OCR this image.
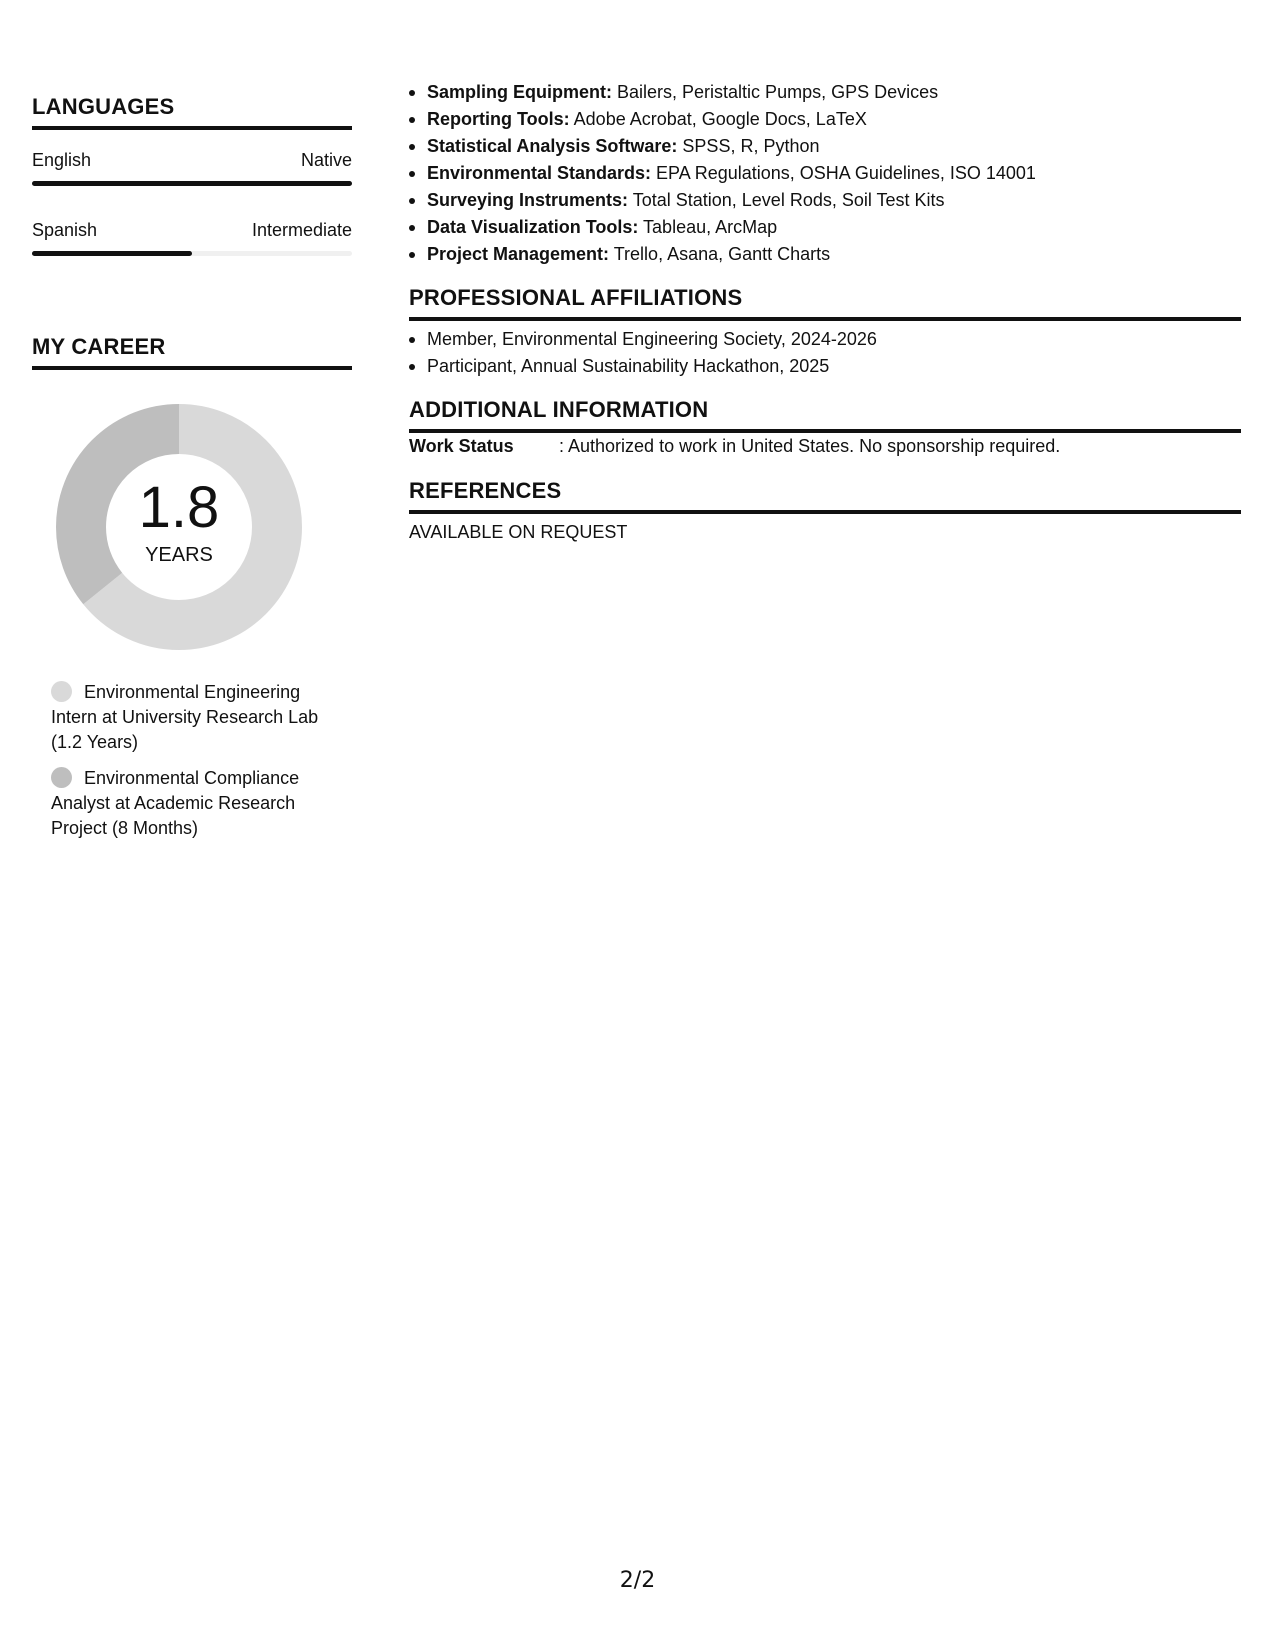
LANGUAGES
English	Native
Spanish	Intermediate
MY CAREER
1.8
YEARS
Environmental Engineering Intern at University Research Lab (1.2 Years)
Environmental Compliance Analyst at Academic Research Project (8 Months)
Sampling Equipment: Bailers, Peristaltic Pumps, GPS Devices
Reporting Tools: Adobe Acrobat, Google Docs, LaTeX
Statistical Analysis Software: SPSS, R, Python
Environmental Standards: EPA Regulations, OSHA Guidelines, ISO 14001
Surveying Instruments: Total Station, Level Rods, Soil Test Kits
Data Visualization Tools: Tableau, ArcMap
Project Management: Trello, Asana, Gantt Charts
PROFESSIONAL AFFILIATIONS
Member, Environmental Engineering Society, 2024-2026
Participant, Annual Sustainability Hackathon, 2025
ADDITIONAL INFORMATION
Work Status	: Authorized to work in United States. No sponsorship required.
REFERENCES
AVAILABLE ON REQUEST
2/2
